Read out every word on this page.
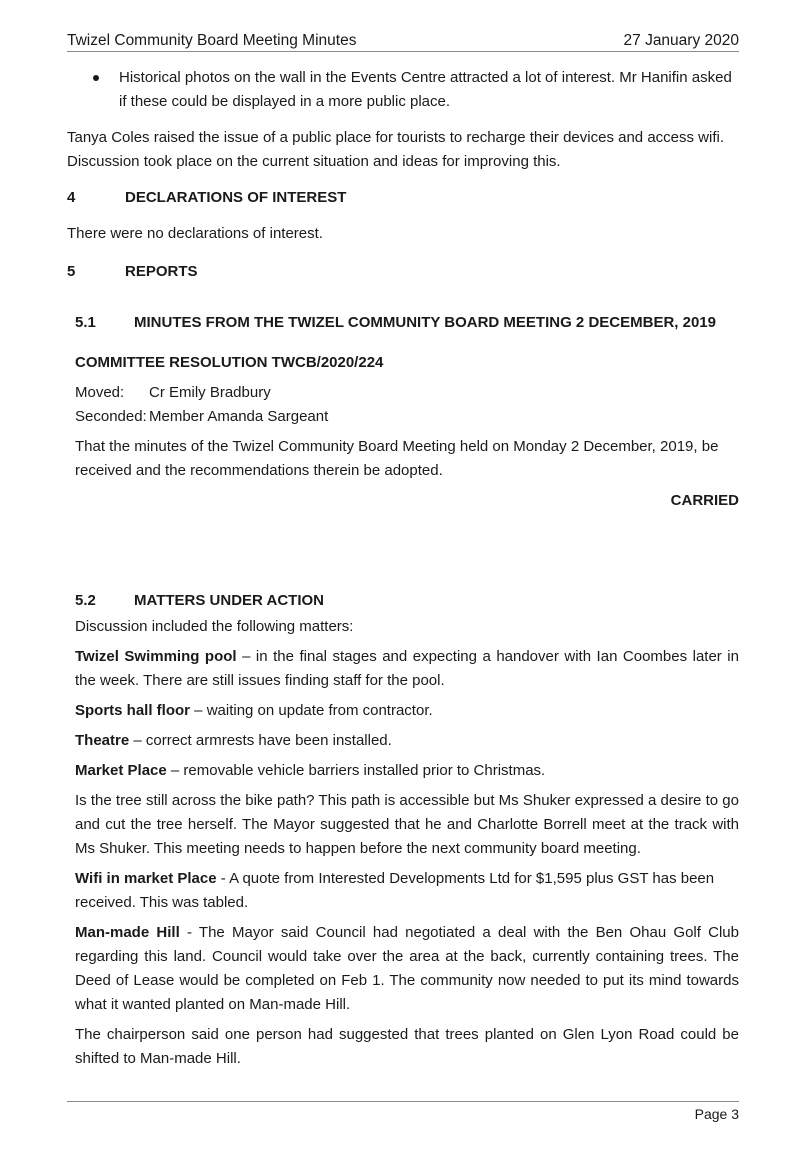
Twizel Community Board Meeting Minutes	27 January 2020
Historical photos on the wall in the Events Centre attracted a lot of interest. Mr Hanifin asked if these could be displayed in a more public place.

Tanya Coles raised the issue of a public place for tourists to recharge their devices and access wifi. Discussion took place on the current situation and ideas for improving this.

4	DECLARATIONS OF INTEREST

There were no declarations of interest.

5	REPORTS
5.1	MINUTES FROM THE TWIZEL COMMUNITY BOARD MEETING 2 DECEMBER, 2019

COMMITTEE RESOLUTION TWCB/2020/224

Moved:	Cr Emily Bradbury
Seconded: Member Amanda Sargeant

That the minutes of the Twizel Community Board Meeting held on Monday 2 December, 2019, be received and the recommendations therein be adopted.

CARRIED

5.2	MATTERS UNDER ACTION

Discussion included the following matters:

Twizel Swimming pool – in the final stages and expecting a handover with Ian Coombes later in the week. There are still issues finding staff for the pool.

Sports hall floor – waiting on update from contractor.

Theatre – correct armrests have been installed.

Market Place – removable vehicle barriers installed prior to Christmas.

Is the tree still across the bike path? This path is accessible but Ms Shuker expressed a desire to go and cut the tree herself. The Mayor suggested that he and Charlotte Borrell meet at the track with Ms Shuker. This meeting needs to happen before the next community board meeting.

Wifi in market Place - A quote from Interested Developments Ltd for $1,595 plus GST has been received. This was tabled.

Man-made Hill - The Mayor said Council had negotiated a deal with the Ben Ohau Golf Club regarding this land. Council would take over the area at the back, currently containing trees. The Deed of Lease would be completed on Feb 1. The community now needed to put its mind towards what it wanted planted on Man-made Hill.

The chairperson said one person had suggested that trees planted on Glen Lyon Road could be shifted to Man-made Hill.

Page 3
